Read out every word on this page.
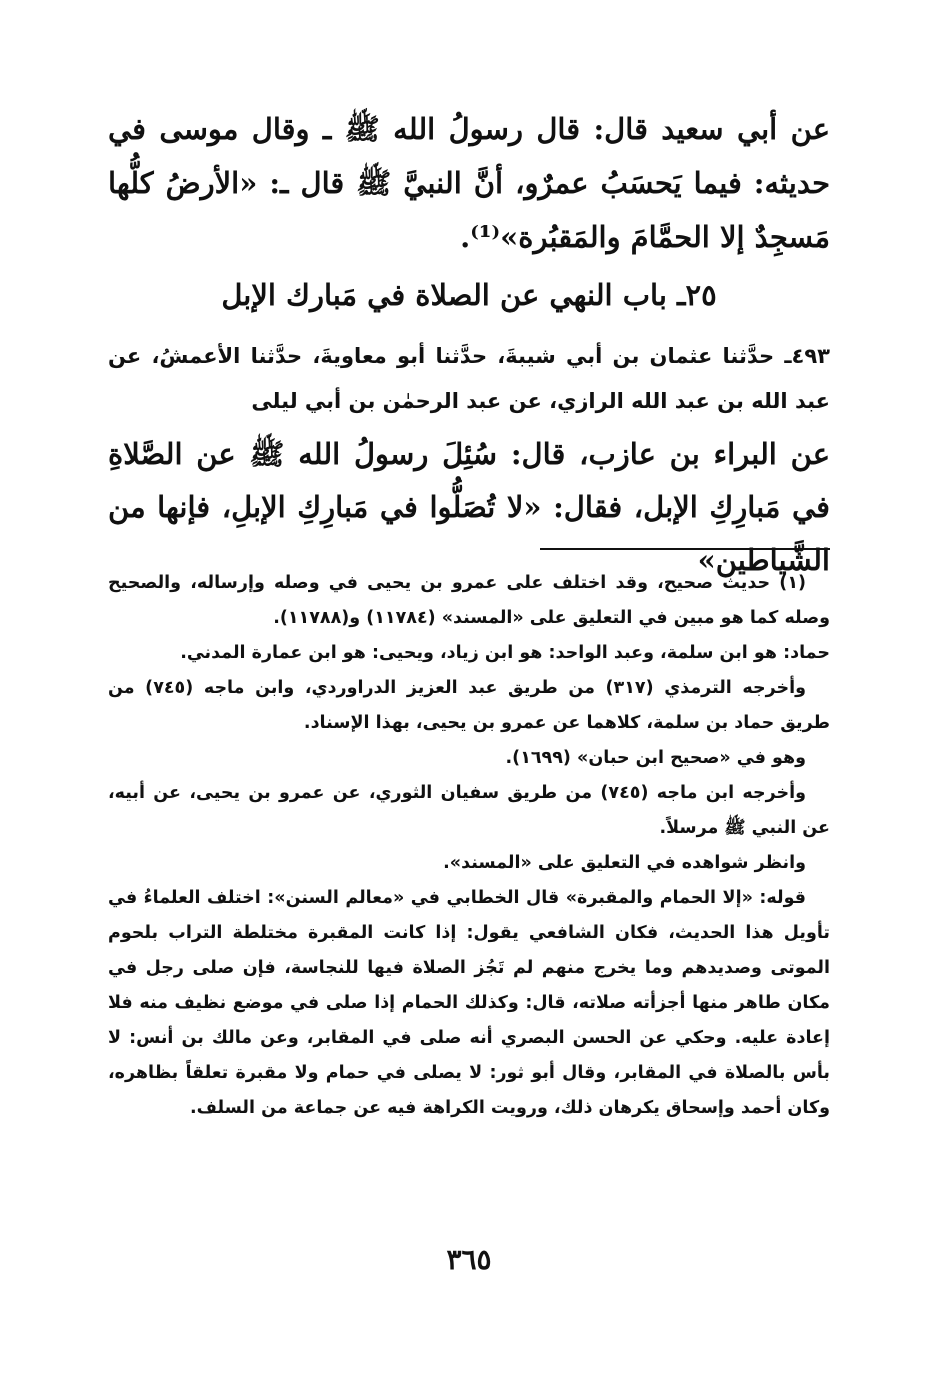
عن أبي سعيد قال: قال رسولُ الله ﷺ ـ وقال موسى في حديثه: فيما يَحسَبُ عمرٌو، أنَّ النبيَّ ﷺ قال ـ: «الأرضُ كلُّها مَسجِدٌ إلا الحمَّامَ والمَقبُرة»⁽¹⁾.
٢٥ـ باب النهي عن الصلاة في مَبارك الإبل
٤٩٣ـ حدَّثنا عثمان بن أبي شيبةَ، حدَّثنا أبو معاويةَ، حدَّثنا الأعمشُ، عن عبد الله بن عبد الله الرازي، عن عبد الرحمٰن بن أبي ليلى
عن البراء بن عازب، قال: سُئِلَ رسولُ الله ﷺ عن الصَّلاةِ في مَبارِكِ الإبل، فقال: «لا تُصَلُّوا في مَبارِكِ الإبلِ، فإنها من الشَّياطين»

(١) حديث صحيح، وقد اختلف على عمرو بن يحيى في وصله وإرساله، والصحيح وصله كما هو مبين في التعليق على «المسند» (١١٧٨٤) و(١١٧٨٨).

حماد: هو ابن سلمة، وعبد الواحد: هو ابن زياد، ويحيى: هو ابن عمارة المدني.

وأخرجه الترمذي (٣١٧) من طريق عبد العزيز الدراوردي، وابن ماجه (٧٤٥) من طريق حماد بن سلمة، كلاهما عن عمرو بن يحيى، بهذا الإسناد.

وهو في «صحيح ابن حبان» (١٦٩٩).

وأخرجه ابن ماجه (٧٤٥) من طريق سفيان الثوري، عن عمرو بن يحيى، عن أبيه، عن النبي ﷺ مرسلاً.

وانظر شواهده في التعليق على «المسند».

قوله: «إلا الحمام والمقبرة» قال الخطابي في «معالم السنن»: اختلف العلماءُ في تأويل هذا الحديث، فكان الشافعي يقول: إذا كانت المقبرة مختلطة التراب بلحوم الموتى وصديدهم وما يخرج منهم لم تَجُز الصلاة فيها للنجاسة، فإن صلى رجل في مكان طاهر منها أجزأته صلاته، قال: وكذلك الحمام إذا صلى في موضع نظيف منه فلا إعادة عليه. وحكي عن الحسن البصري أنه صلى في المقابر، وعن مالك بن أنس: لا بأس بالصلاة في المقابر، وقال أبو ثور: لا يصلى في حمام ولا مقبرة تعلقاً بظاهره، وكان أحمد وإسحاق يكرهان ذلك، ورويت الكراهة فيه عن جماعة من السلف.

٣٦٥
